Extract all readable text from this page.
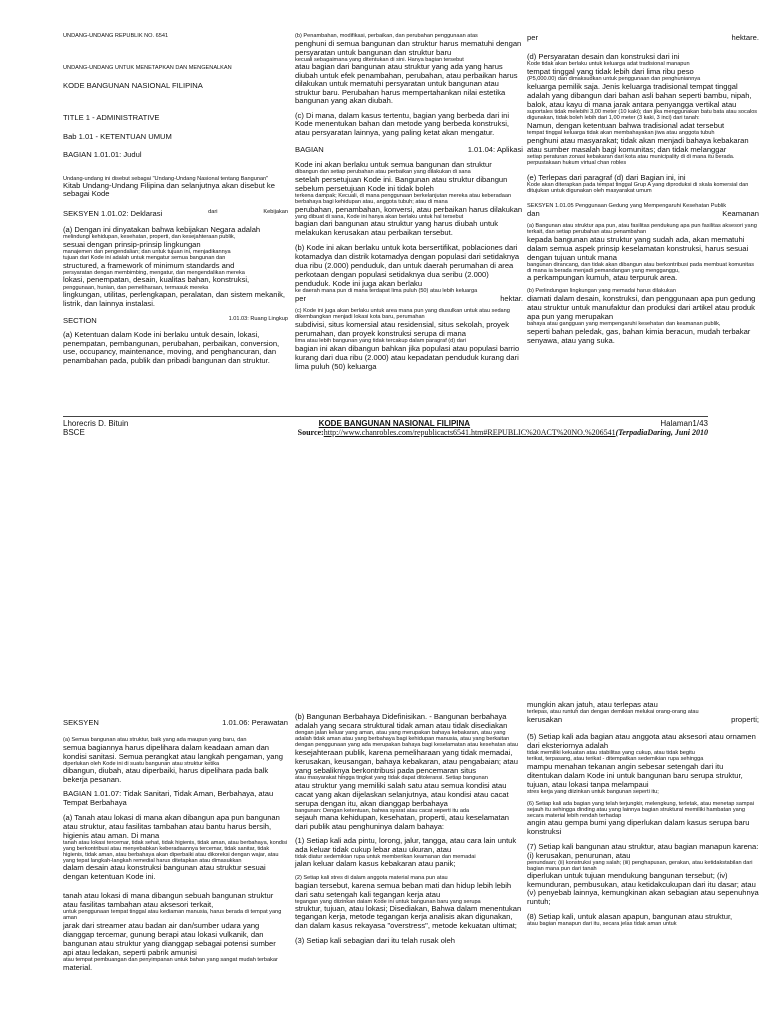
UNDANG-UNDANG REPUBLIK NO. 6541
UNDANG-UNDANG UNTUK MENETAPKAN DAN MENGENALKAN
KODE BANGUNAN NASIONAL FILIPINA
TITLE 1 - ADMINISTRATIVE
Bab 1.01 - KETENTUAN UMUM
BAGIAN 1.01.01: Judul
Undang-undang ini disebut sebagai "Undang-Undang Nasional tentang Bangunan"
Kitab Undang-Undang Filipina dan selanjutnya akan disebut ke sebagai Kode
SEKSYEN 1.01.02: Deklarasi	dari	Kebijakan
(a) Dengan ini dinyatakan bahwa kebijakan Negara adalah
melindungi kehidupan, kesehatan, properti, dan kesejahteraan publik,
sesuai dengan prinsip-prinsip lingkungan
manajemen dan pengendalian; dan untuk tujuan ini, menjadikannya
tujuan dari Kode ini adalah untuk mengatur semua bangunan dan
structured, a framework of minimum standards and
persyaratan dengan membimbing, mengatur, dan mengendalikan mereka
lokasi, penempatan, desain, kualitas bahan, konstruksi,
penggunaan, hunian, dan pemeliharaan, termasuk mereka
lingkungan, utilitas, perlengkapan, peralatan, dan sistem mekanik, listrik, dan lainnya instalasi.
SECTION	1.01.03: Ruang Lingkup
(a) Ketentuan dalam Kode ini berlaku untuk desain, lokasi, penempatan, pembangunan, perubahan, perbaikan, conversion, use, occupancy, maintenance, moving, and penghancuran, dan penambahan pada, publik dan pribadi bangunan dan struktur.
(b) Penambahan, modifikasi, perbaikan, dan perubahan penggunaan atas
penghuni di semua bangunan dan struktur harus mematuhi dengan persyaratan untuk bangunan dan struktur baru
kecuali sebagaimana yang ditentukan di sini. Hanya bagian tersebut
atau bagian dari bangunan atau struktur yang ada yang harus diubah untuk efek penambahan, perubahan, atau perbaikan harus dilakukan untuk mematuhi persyaratan untuk bangunan atau struktur baru. Perubahan harus mempertahankan nilai estetika bangunan yang akan diubah.
(c) Di mana, dalam kasus tertentu, bagian yang berbeda dari ini Kode menentukan bahan dan metode yang berbeda konstruksi, atau persyaratan lainnya, yang paling ketat akan mengatur.
BAGIAN	1.01.04: Aplikasi
Kode ini akan berlaku untuk semua bangunan dan struktur
dibangun dan setiap perubahan atau perbaikan yang dilakukan di sana
setelah persetujuan Kode ini. Bangunan atau struktur dibangun sebelum persetujuan Kode ini tidak boleh
terkena dampak; Kecuali, di mana penggunaan berkelanjutan mereka atau keberadaan berbahaya bagi kehidupan atau, anggota tubuh; atau di mana
perubahan, penambahan, konversi, atau perbaikan harus dilakukan
yang dibuat di sana, Kode ini hanya akan berlaku untuk hal tersebut
bagian dari bangunan atau struktur yang harus diubah untuk melakukan kerusakan atau perbaikan tersebut.
(b) Kode ini akan berlaku untuk kota bersertifikat, poblaciones dari kotamadya dan distrik kotamadya dengan populasi dari setidaknya dua ribu (2.000) penduduk, dan untuk daerah perumahan di area perkotaan dengan populasi setidaknya dua seribu (2.000) penduduk. Kode ini juga akan berlaku
ke daerah mana pun di mana terdapat lima puluh (50) atau lebih keluarga
per	hektar.
(c) Kode ini juga akan berlaku untuk area mana pun yang diusulkan untuk atau sedang dikembangkan menjadi lokasi kota baru, perumahan
subdivisi, situs komersial atau residensial, situs sekolah, proyek perumahan, dan proyek konstruksi serupa di mana
lima atau lebih bangunan yang tidak tercakup dalam paragraf (d) dari
bagian ini akan dibangun bahkan jika populasi atau populasi barrio kurang dari dua ribu (2.000) atau kepadatan penduduk kurang dari lima puluh (50) keluarga
per	hektare.
(d) Persyaratan desain dan konstruksi dari ini
Kode tidak akan berlaku untuk keluarga adat tradisional manapun
tempat tinggal yang tidak lebih dari lima ribu peso
(P5,000.00) dan dimaksudkan untuk penggunaan dan penghuniannya
keluarga pemilik saja. Jenis keluarga tradisional tempat tinggal adalah yang dibangun dari bahan asli bahan seperti bambu, nipah, balok, atau kayu di mana jarak antara penyangga vertikal atau
suportales tidak melebihi 3,00 meter (10 kaki); dan jika menggunakan batu bata atau socalos digunakan, tidak boleh lebih dari 1,00 meter (3 kaki, 3 inci) dari tanah:
Namun, dengan ketentuan bahwa tradisional adat tersebut
tempat tinggal keluarga tidak akan membahayakan jiwa atau anggota tubuh
penghuni atau masyarakat; tidak akan menjadi bahaya kebakaran atau sumber masalah bagi komunitas; dan tidak melanggar
setiap peraturan zonasi kebakaran dari kota atau municipality di di mana itu berada. perpustakaan hukum virtual chan robles
(e) Terlepas dari paragraf (d) dari Bagian ini, ini
Kode akan diterapkan pada tempat tinggal Grup A yang diproduksi di skala komersial dan ditujukan untuk digunakan oleh masyarakat umum
SEKSYEN 1.01.05 Penggunaan Gedung yang Mempengaruhi Kesehatan Publik
dan	Keamanan
(a) Bangunan atau struktur apa pun, atau fasilitas pendukung apa pun fasilitas aksesori yang terkait, dan setiap perubahan atau penambahan
kepada bangunan atau struktur yang sudah ada, akan mematuhi dalam semua aspek prinsip keselamatan konstruksi, harus sesuai dengan tujuan untuk mana
bangunan dirancang, dan tidak akan dibangun atau berkontribusi pada membuat komunitas di mana ia berada menjadi pemandangan yang mengganggu,
a perkampungan kumuh, atau terpuruk area.
(b) Perlindungan lingkungan yang memadai harus dilakukan
diamati dalam desain, konstruksi, dan penggunaan apa pun gedung atau struktur untuk manufaktur dan produksi dari artikel atau produk apa pun yang merupakan
bahaya atau gangguan yang mempengaruhi kesehatan dan keamanan publik,
seperti bahan peledak, gas, bahan kimia beracun, mudah terbakar senyawa, atau yang suka.
Lhorecris D. Bituin	KODE BANGUNAN NASIONAL FILIPINA	Halaman1/43
BSCE	Source:http://www.chanrobles.com/republicacts6541.htm#REPUBLIC%20ACT%20NO.%206541(TerpadiaDaring, Juni 2010
SEKSYEN	1.01.06: Perawatan
(a) Semua bangunan atau struktur, baik yang ada maupun yang baru, dan
semua bagiannya harus dipelihara dalam keadaan aman dan kondisi sanitasi. Semua perangkat atau langkah pengaman, yang
diperlukan oleh Kode ini di suatu bangunan atau struktur ketika
dibangun, diubah, atau diperbaiki, harus dipelihara pada balk bekerja pesanan.
BAGIAN 1.01.07: Tidak Sanitari, Tidak Aman, Berbahaya, atau Tempat Berbahaya
(a) Tanah atau lokasi di mana akan dibangun apa pun bangunan atau struktur, atau fasilitas tambahan atau bantu harus bersih, higienis atau aman. Di mana
tanah atau lokasi tercemar, tidak sehat, tidak higienis, tidak aman, atau berbahaya, kondisi yang berkontribusi atau menyebabkan keberadaannya tercemar, tidak sanitar, tidak higienis, tidak aman, atau berbahaya akan diperbaiki atau dikoreksi dengan wajar, atau yang tepat langkah-langkah remedial harus ditetapkan atau dimasukkan
dalam desain atau konstruksi bangunan atau struktur sesuai dengan ketentuan Kode ini.
tanah atau lokasi di mana dibangun sebuah bangunan struktur atau fasilitas tambahan atau aksesori terkait,
untuk penggunaan tempat tinggal atau kediaman manusia, harus berada di tempat yang aman
jarak dari streamer atau badan air dan/sumber udara yang dianggap tercemar, gunung berapi atau lokasi vulkanik, dan bangunan atau struktur yang dianggap sebagai potensi sumber api atau ledakan, seperti pabrik amunisi
atau tempat pembuangan dan penyimpanan untuk bahan yang sangat mudah terbakar
material.
(b) Bangunan Berbahaya Didefinisikan. - Bangunan berbahaya adalah yang secara struktural tidak aman atau tidak disediakan
dengan jalan keluar yang aman, atau yang merupakan bahaya kebakaran, atau yang adalah tidak aman atau yang berbahaya bagi kehidupan manusia, atau yang berkaitan dengan penggunaan yang ada merupakan bahaya bagi keselamatan atau kesehatan atau
kesejahteraan publik, karena pemeliharaan yang tidak memadai, kerusakan, keusangan, bahaya kebakaran, atau pengabaian; atau yang sebaliknya berkontribusi pada pencemaran situs
atau masyarakat hingga tingkat yang tidak dapat ditoleransi. Setiap bangunan
atau struktur yang memiliki salah satu atau semua kondisi atau cacat yang akan dijelaskan selanjutnya, atau kondisi atau cacat serupa dengan itu, akan dianggap berbahaya
bangunan: Dengan ketentuan, bahwa syarat atau cacat seperti itu ada
sejauh mana kehidupan, kesehatan, properti, atau keselamatan dari publik atau penghuninya dalam bahaya:
(1) Setiap kali ada pintu, lorong, jalur, tangga, atau cara lain untuk ada keluar tidak cukup lebar atau ukuran, atau
tidak diatur sedemikian rupa untuk memberikan keamanan dan memadai
jalan keluar dalam kasus kebakaran atau panik;
(2) Setiap kali stres di dalam anggota material mana pun atau
bagian tersebut, karena semua beban mati dan hidup lebih lebih dari satu setengah kali tegangan kerja atau
tegangan yang diizinkan dalam Kode ini untuk bangunan baru yang serupa
struktur, tujuan, atau lokasi; Disediakan, Bahwa dalam menentukan tegangan kerja, metode tegangan kerja analisis akan digunakan, dan dalam kasus rekayasa "overstress", metode kekuatan ultimat;
(3) Setiap kali sebagian dari itu telah rusak oleh
mungkin akan jatuh, atau terlepas atau
terlepas, atau runtuh dan dengan demikian melukai orang-orang atau
kerusakan	properti;
(5) Setiap kali ada bagian atau anggota atau aksesori atau ornamen dari eksteriornya adalah
tidak memiliki kekuatan atau stabilitas yang cukup, atau tidak begitu
terikat, terpasang, atau terikat - ditempatkan sedemikian rupa sehingga
mampu menahan tekanan angin sebesar setengah dari itu ditentukan dalam Kode ini untuk bangunan baru serupa struktur, tujuan, atau lokasi tanpa melampaui
stres kerja yang diizinkan untuk bangunan seperti itu;
(6) Setiap kali ada bagian yang telah terjungkir, melengkung, terletak, atau menetap sampai sejauh itu sehingga dinding atau yang lainnya bagian struktural memiliki hambatan yang secara material lebih rendah terhadap
angin atau gempa bumi yang diperlukan dalam kasus serupa baru konstruksi
(7) Setiap kali bangunan atau struktur, atau bagian manapun karena: (i) kerusakan, penurunan, atau
penundaan; (ii) konstruksi yang salah; (iii) penghapusan, gerakan, atau ketidakstabilan dari bagian mana pun dari tanah
diperlukan untuk tujuan mendukung bangunan tersebut; (iv) kemunduran, pembusukan, atau ketidakcukupan dari itu dasar; atau (v) penyebab lainnya, kemungkinan akan sebagian atau sepenuhnya runtuh;
(8) Setiap kali, untuk alasan apapun, bangunan atau struktur,
atau bagian manapun dari itu, secara jelas tidak aman untuk
